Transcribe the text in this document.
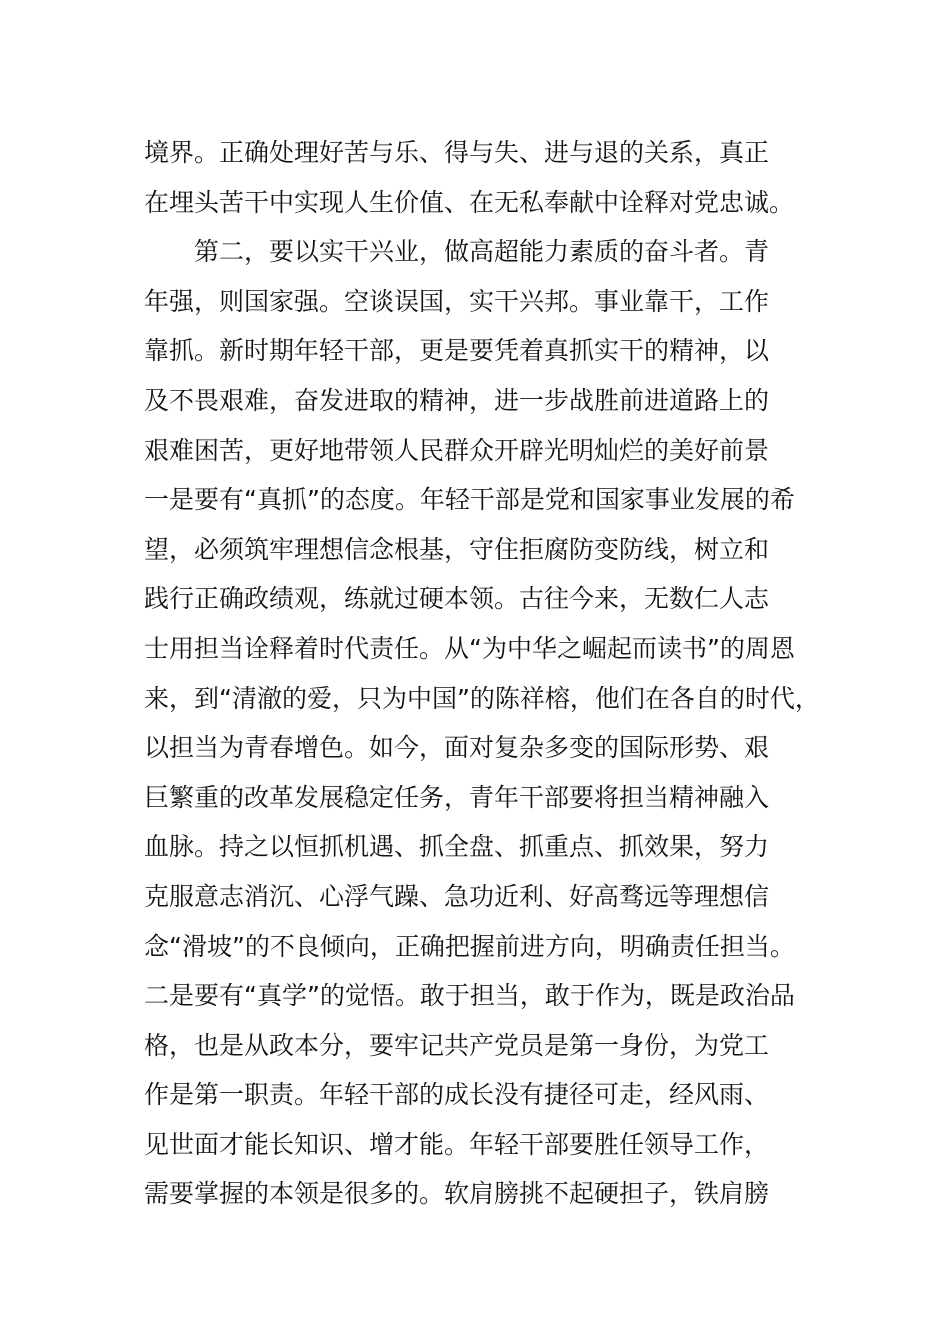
境界。正确处理好苦与乐、得与失、进与退的关系，真正
在埋头苦干中实现人生价值、在无私奉献中诠释对党忠诚。
　　第二，要以实干兴业，做高超能力素质的奋斗者。青
年强，则国家强。空谈误国，实干兴邦。事业靠干，工作
靠抓。新时期年轻干部，更是要凭着真抓实干的精神，以
及不畏艰难，奋发进取的精神，进一步战胜前进道路上的
艰难困苦，更好地带领人民群众开辟光明灿烂的美好前景
一是要有“真抓”的态度。年轻干部是党和国家事业发展的希
望，必须筑牢理想信念根基，守住拒腐防变防线，树立和
践行正确政绩观，练就过硬本领。古往今来，无数仁人志
士用担当诠释着时代责任。从“为中华之崛起而读书”的周恩
来，到“清澈的爱，只为中国”的陈祥榕，他们在各自的时代，
以担当为青春增色。如今，面对复杂多变的国际形势、艰
巨繁重的改革发展稳定任务，青年干部要将担当精神融入
血脉。持之以恒抓机遇、抓全盘、抓重点、抓效果，努力
克服意志消沉、心浮气躁、急功近利、好高骛远等理想信
念“滑坡”的不良倾向，正确把握前进方向，明确责任担当。
二是要有“真学”的觉悟。敢于担当，敢于作为，既是政治品
格，也是从政本分，要牢记共产党员是第一身份，为党工
作是第一职责。年轻干部的成长没有捷径可走，经风雨、
见世面才能长知识、增才能。年轻干部要胜任领导工作，
需要掌握的本领是很多的。软肩膀挑不起硬担子，铁肩膀
